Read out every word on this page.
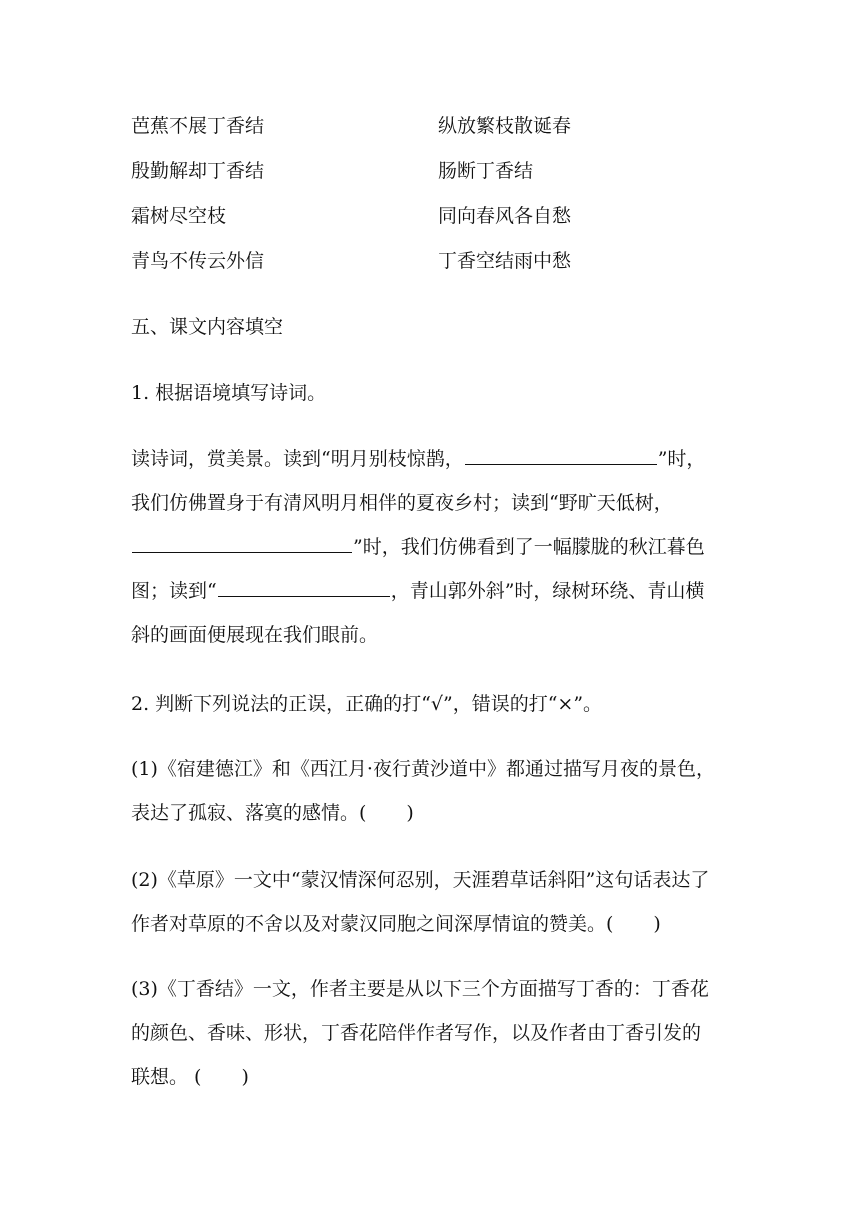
芭蕉不展丁香结	纵放繁枝散诞春
殷勤解却丁香结	肠断丁香结
霜树尽空枝	同向春风各自愁
青鸟不传云外信	丁香空结雨中愁
五、课文内容填空
1. 根据语境填写诗词。
读诗词，赏美景。读到“明月别枝惊鹊，	”时，
我们仿佛置身于有清风明月相伴的夏夜乡村；读到“野旷天低树，
”时，我们仿佛看到了一幅朦胧的秋江暮色
图；读到“	，青山郭外斜”时，绿树环绕、青山横
斜的画面便展现在我们眼前。
2. 判断下列说法的正误，正确的打“√”，错误的打“×”。
(1)《宿建德江》和《西江月·夜行黄沙道中》都通过描写月夜的景色，
表达了孤寂、落寞的感情。( )
(2)《草原》一文中“蒙汉情深何忍别，天涯碧草话斜阳”这句话表达了
作者对草原的不舍以及对蒙汉同胞之间深厚情谊的赞美。( )
(3)《丁香结》一文，作者主要是从以下三个方面描写丁香的：丁香花
的颜色、香味、形状，丁香花陪伴作者写作，以及作者由丁香引发的
联想。 ( )
